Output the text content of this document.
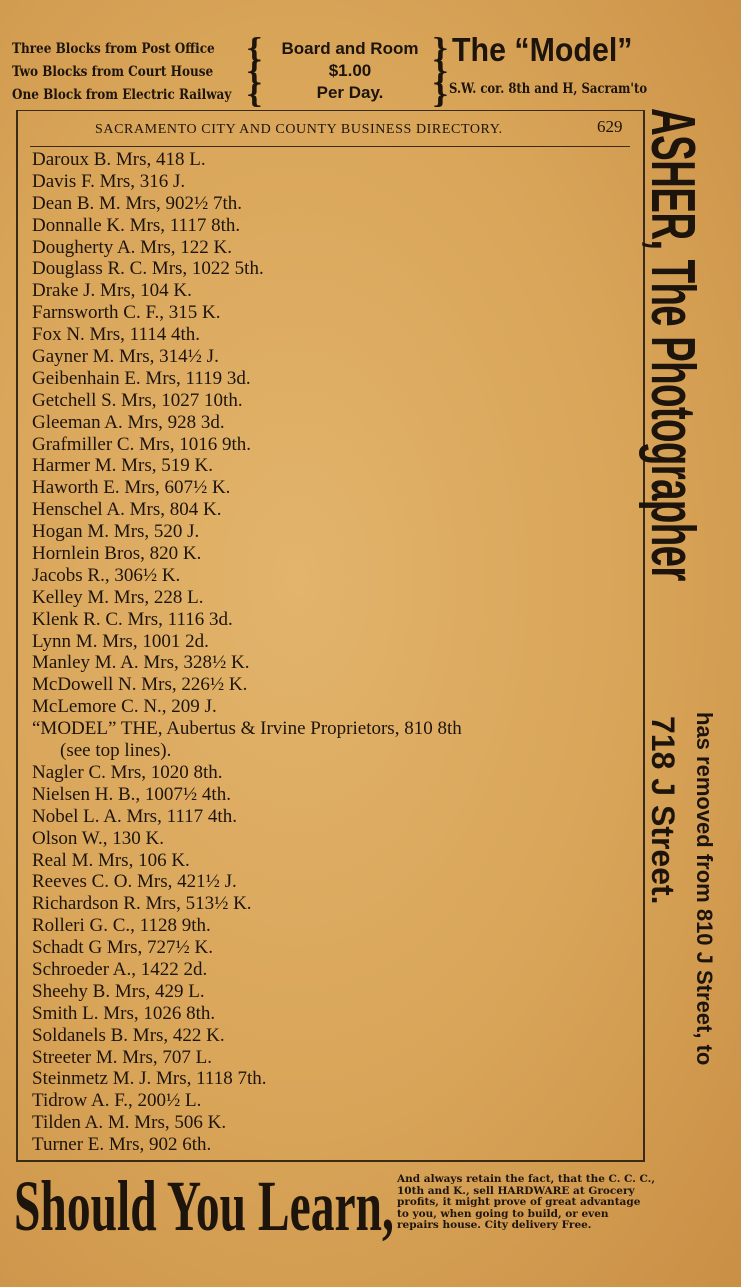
Three Blocks from Post Office
Two Blocks from Court House
One Block from Electric Railway
{
{
{
Board and Room
$1.00
Per Day.
}
}
}
The “Model”
S.W. cor. 8th and H, Sacram'to
SACRAMENTO CITY AND COUNTY BUSINESS DIRECTORY.	629
Daroux B. Mrs, 418 L.
Davis F. Mrs, 316 J.
Dean B. M. Mrs, 902½ 7th.
Donnalle K. Mrs, 1117 8th.
Dougherty A. Mrs, 122 K.
Douglass R. C. Mrs, 1022 5th.
Drake J. Mrs, 104 K.
Farnsworth C. F., 315 K.
Fox N. Mrs, 1114 4th.
Gayner M. Mrs, 314½ J.
Geibenhain E. Mrs, 1119 3d.
Getchell S. Mrs, 1027 10th.
Gleeman A. Mrs, 928 3d.
Grafmiller C. Mrs, 1016 9th.
Harmer M. Mrs, 519 K.
Haworth E. Mrs, 607½ K.
Henschel A. Mrs, 804 K.
Hogan M. Mrs, 520 J.
Hornlein Bros, 820 K.
Jacobs R., 306½ K.
Kelley M. Mrs, 228 L.
Klenk R. C. Mrs, 1116 3d.
Lynn M. Mrs, 1001 2d.
Manley M. A. Mrs, 328½ K.
McDowell N. Mrs, 226½ K.
McLemore C. N., 209 J.
“MODEL” THE, Aubertus & Irvine Proprietors, 810 8th
(see top lines).
Nagler C. Mrs, 1020 8th.
Nielsen H. B., 1007½ 4th.
Nobel L. A. Mrs, 1117 4th.
Olson W., 130 K.
Real M. Mrs, 106 K.
Reeves C. O. Mrs, 421½ J.
Richardson R. Mrs, 513½ K.
Rolleri G. C., 1128 9th.
Schadt G Mrs, 727½ K.
Schroeder A., 1422 2d.
Sheehy B. Mrs, 429 L.
Smith L. Mrs, 1026 8th.
Soldanels B. Mrs, 422 K.
Streeter M. Mrs, 707 L.
Steinmetz M. J. Mrs, 1118 7th.
Tidrow A. F., 200½ L.
Tilden A. M. Mrs, 506 K.
Turner E. Mrs, 902 6th.
ASHER, The Photographer
718 J Street. has removed from 810 J Street, to
Should You Learn, And always retain the fact, that the C. C. C.,
10th and K., sell HARDWARE at Grocery
profits, it might prove of great advantage
to you, when going to build, or even
repairs house. City delivery Free.
